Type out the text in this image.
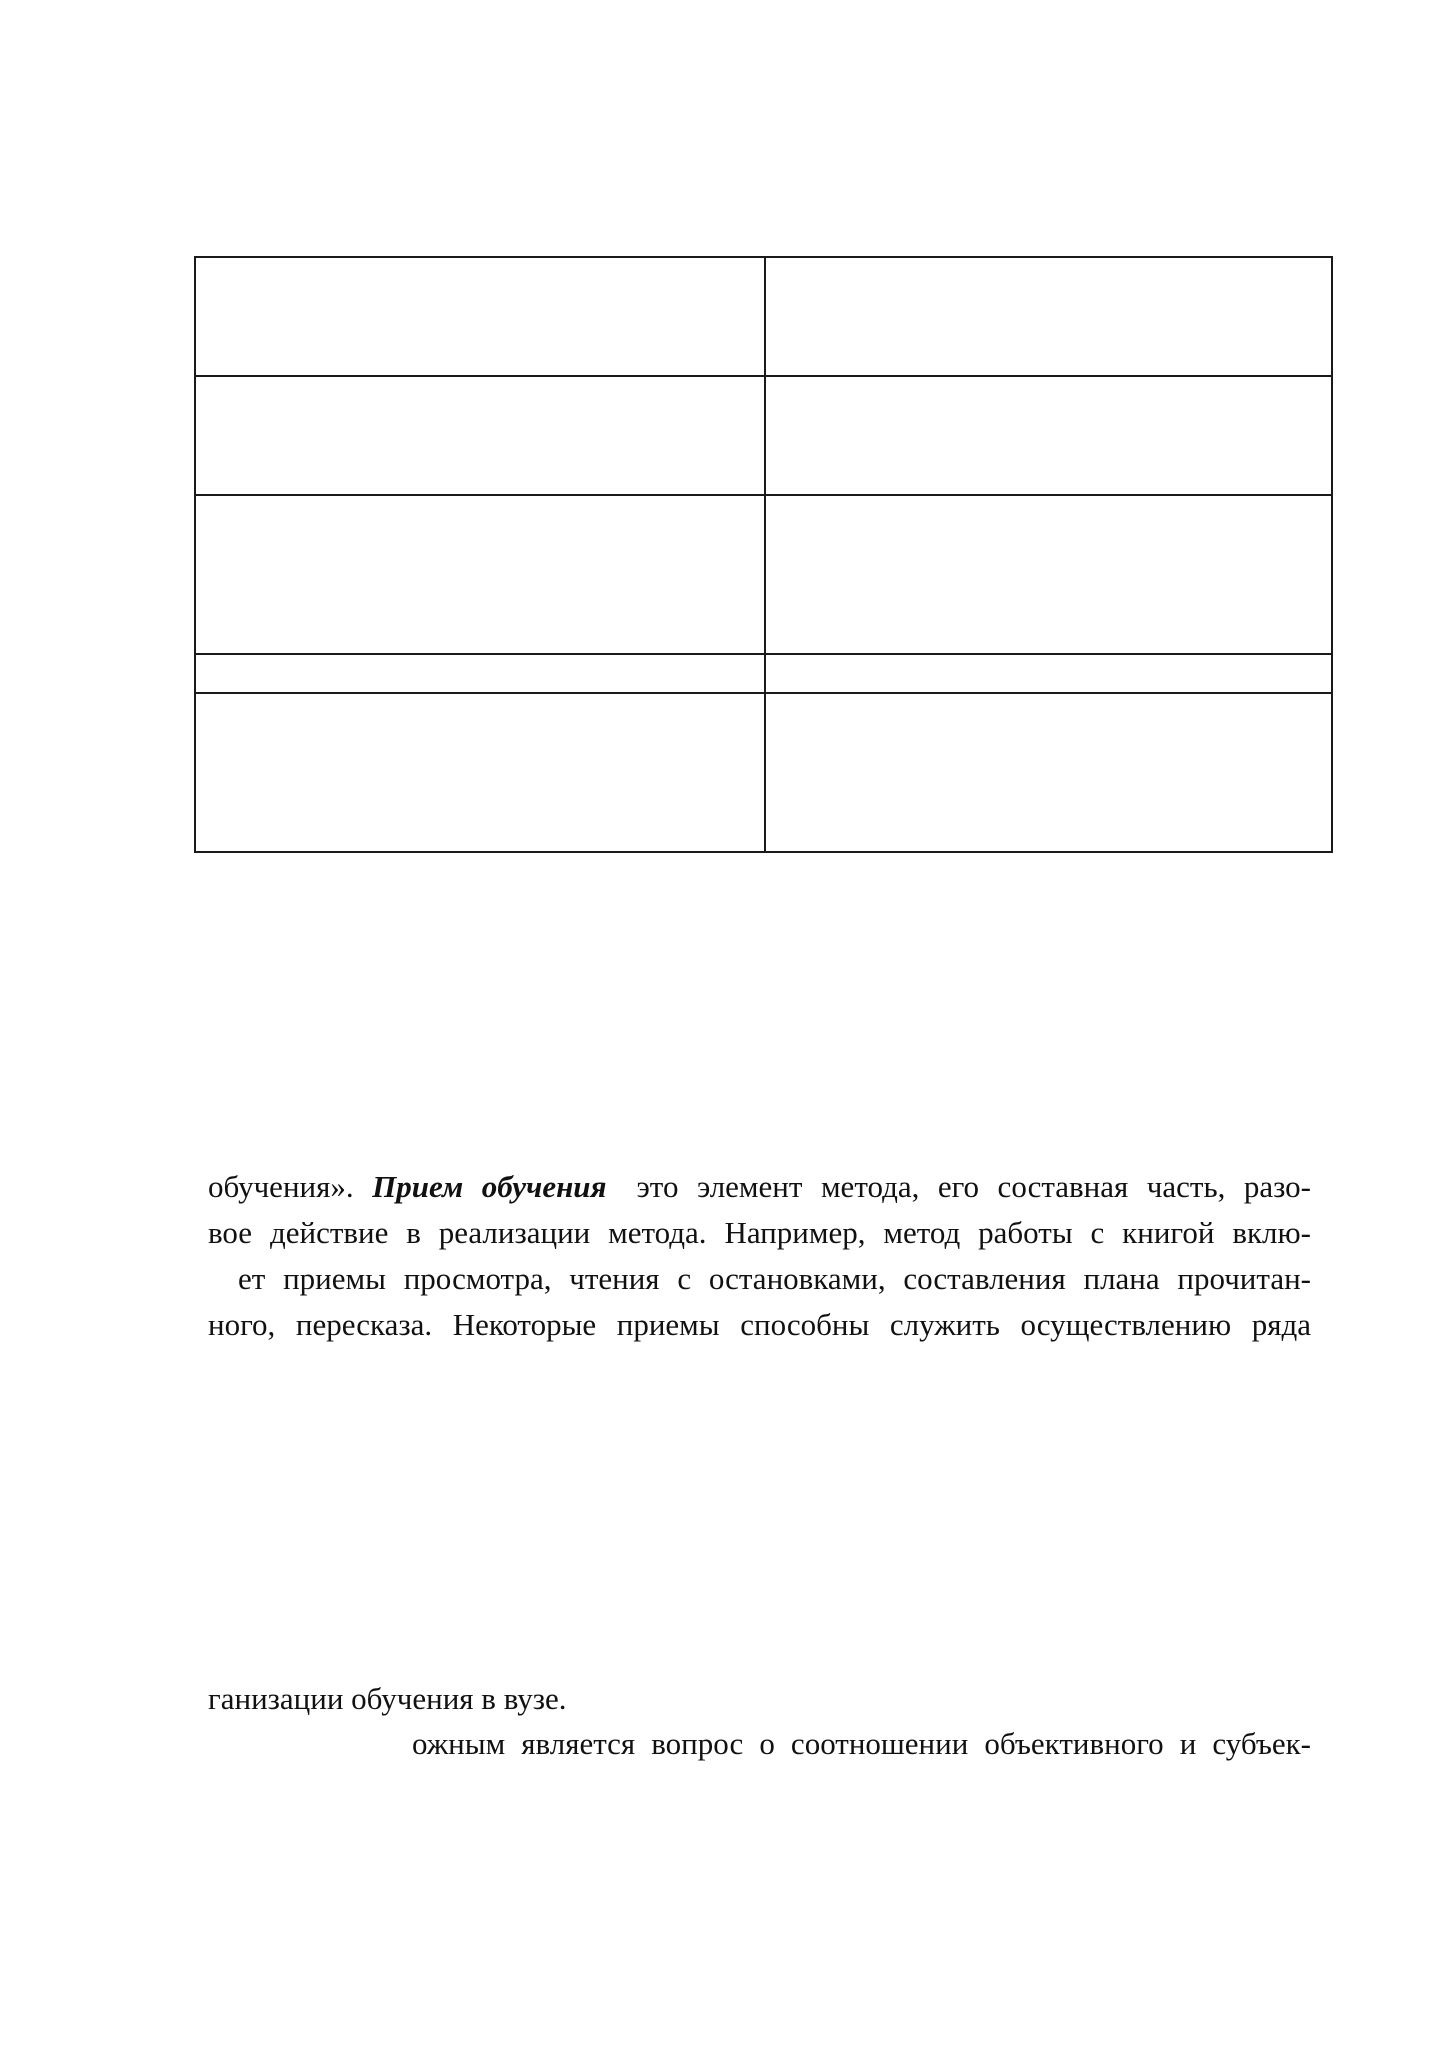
обучения». Прием обучения это элемент метода, его составная часть, разо-
вое действие в реализации метода. Например, метод работы с книгой вклю-
ет приемы просмотра, чтения с остановками, составления плана прочитан-
ного, пересказа. Некоторые приемы способны служить осуществлению ряда
ганизации обучения в вузе.
ожным является вопрос о соотношении объективного и субъек-
